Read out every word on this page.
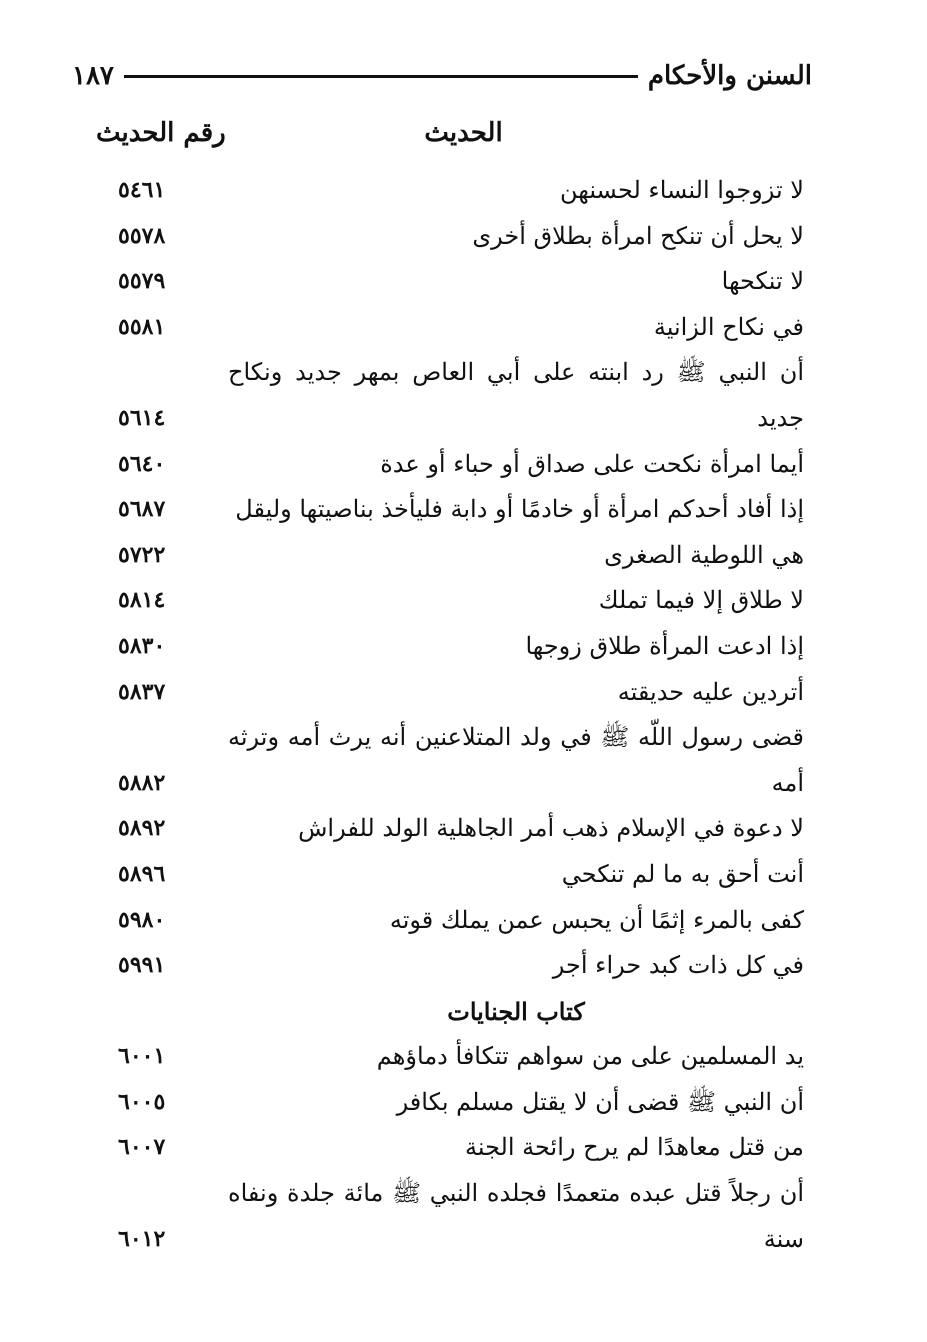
١٨٧	السنن والأحكام
رقم الحديث	الحديث
لا تزوجوا النساء لحسنهن
٥٤٦١
لا يحل أن تنكح امرأة بطلاق أخرى
٥٥٧٨
لا تنكحها
٥٥٧٩
في نكاح الزانية
٥٥٨١
أن النبي ﷺ رد ابنته على أبي العاص بمهر جديد ونكاح جديد
٥٦١٤
أيما امرأة نكحت على صداق أو حباء أو عدة
٥٦٤٠
إذا أفاد أحدكم امرأة أو خادمًا أو دابة فليأخذ بناصيتها وليقل
٥٦٨٧
هي اللوطية الصغرى
٥٧٢٢
لا طلاق إلا فيما تملك
٥٨١٤
إذا ادعت المرأة طلاق زوجها
٥٨٣٠
أتردين عليه حديقته
٥٨٣٧
قضى رسول اللّه ﷺ في ولد المتلاعنين أنه يرث أمه وترثه أمه
٥٨٨٢
لا دعوة في الإسلام ذهب أمر الجاهلية الولد للفراش
٥٨٩٢
أنت أحق به ما لم تنكحي
٥٨٩٦
كفى بالمرء إثمًا أن يحبس عمن يملك قوته
٥٩٨٠
في كل ذات كبد حراء أجر
٥٩٩١
كتاب الجنايات
يد المسلمين على من سواهم تتكافأ دماؤهم
٦٠٠١
أن النبي ﷺ قضى أن لا يقتل مسلم بكافر
٦٠٠٥
من قتل معاهدًا لم يرح رائحة الجنة
٦٠٠٧
أن رجلاً قتل عبده متعمدًا فجلده النبي ﷺ مائة جلدة ونفاه سنة
٦٠١٢
